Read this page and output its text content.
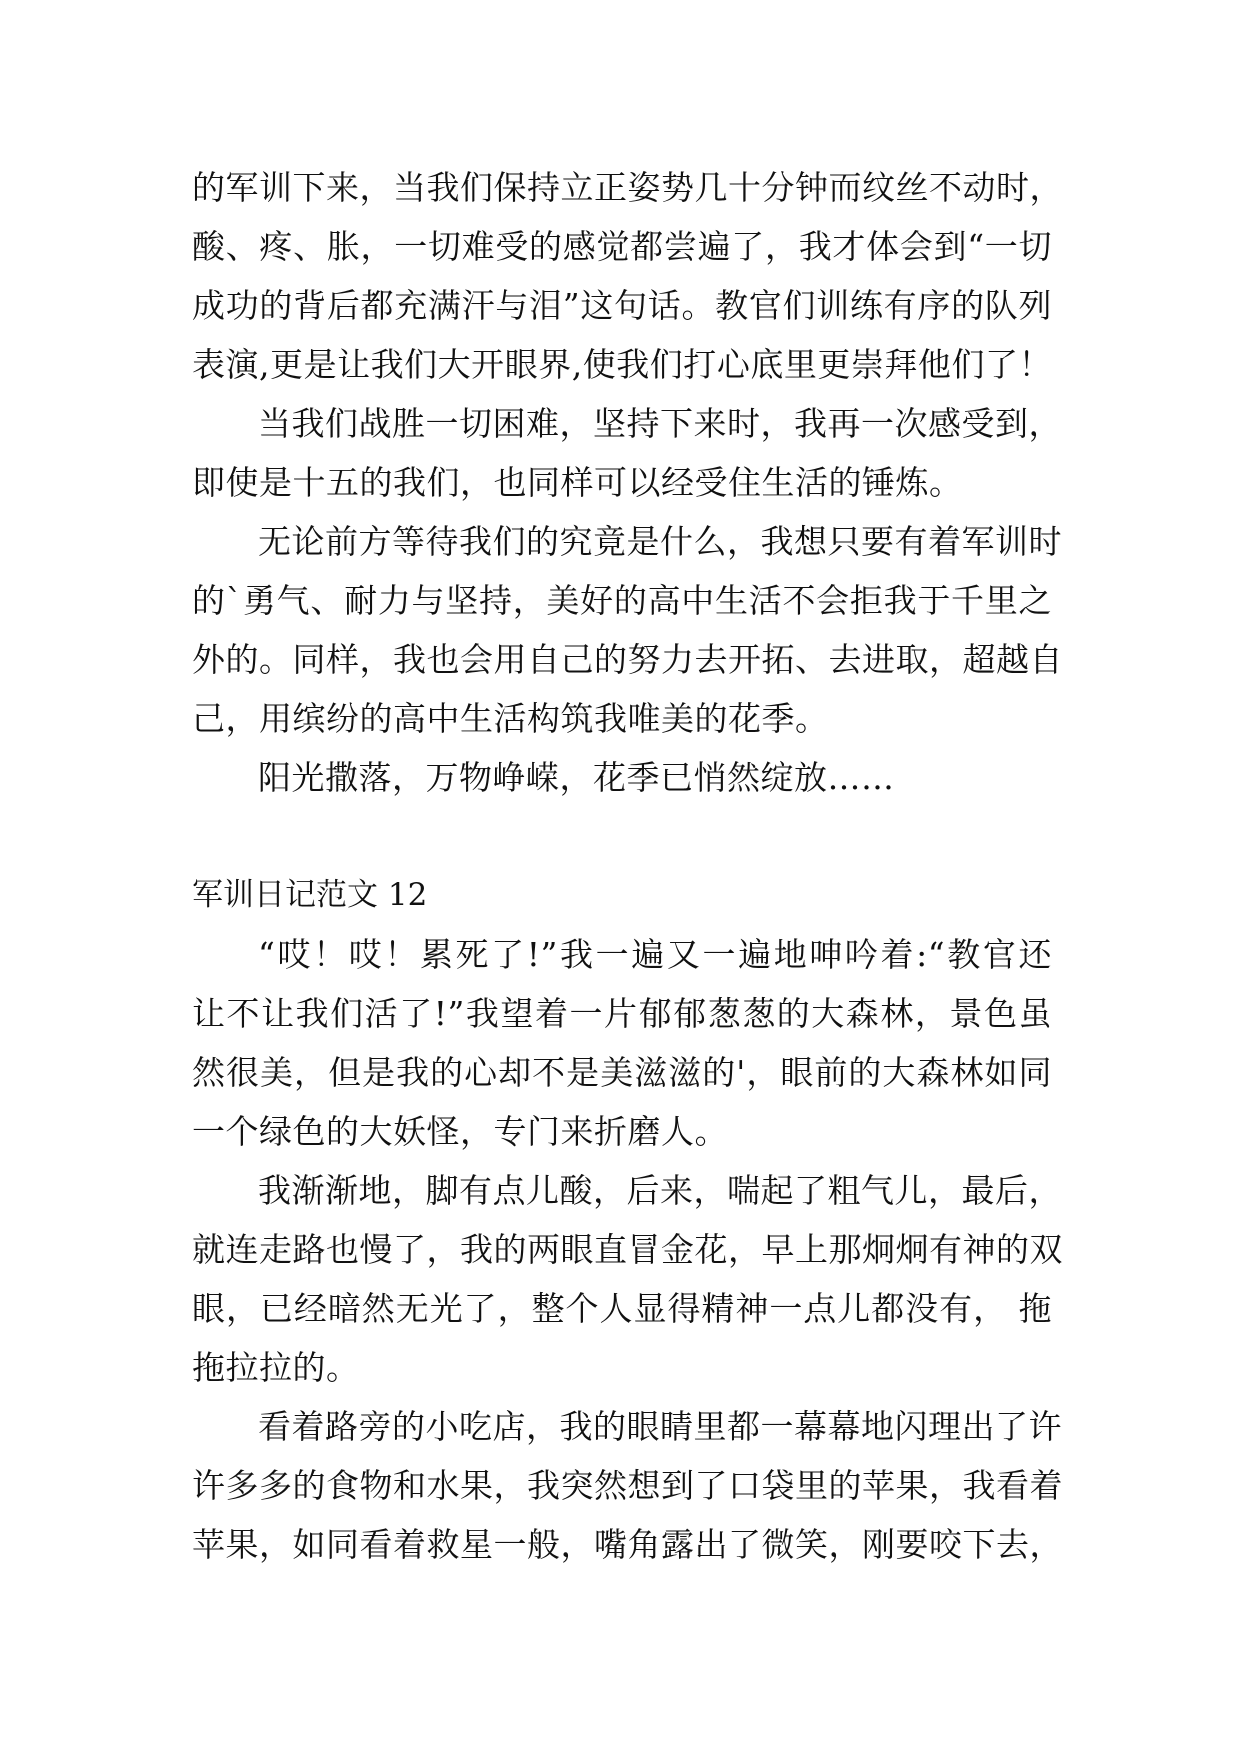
的军训下来，当我们保持立正姿势几十分钟而纹丝不动时，
酸、疼、胀，一切难受的感觉都尝遍了，我才体会到“一切
成功的背后都充满汗与泪”这句话。教官们训练有序的队列
表演,更是让我们大开眼界,使我们打心底里更崇拜他们了！
当我们战胜一切困难，坚持下来时，我再一次感受到，
即使是十五的我们，也同样可以经受住生活的锤炼。
无论前方等待我们的究竟是什么，我想只要有着军训时
的`勇气、耐力与坚持，美好的高中生活不会拒我于千里之
外的。同样，我也会用自己的努力去开拓、去进取，超越自
己，用缤纷的高中生活构筑我唯美的花季。
阳光撒落，万物峥嵘，花季已悄然绽放……
军训日记范文 12
“哎！哎！累死了!”我一遍又一遍地呻吟着:“教官还
让不让我们活了!”我望着一片郁郁葱葱的大森林，景色虽
然很美，但是我的心却不是美滋滋的'，眼前的大森林如同
一个绿色的大妖怪，专门来折磨人。
我渐渐地，脚有点儿酸，后来，喘起了粗气儿，最后，
就连走路也慢了，我的两眼直冒金花，早上那炯炯有神的双
眼，已经暗然无光了，整个人显得精神一点儿都没有， 拖
拖拉拉的。
看着路旁的小吃店，我的眼睛里都一幕幕地闪理出了许
许多多的食物和水果，我突然想到了口袋里的苹果，我看着
苹果，如同看着救星一般，嘴角露出了微笑，刚要咬下去，
